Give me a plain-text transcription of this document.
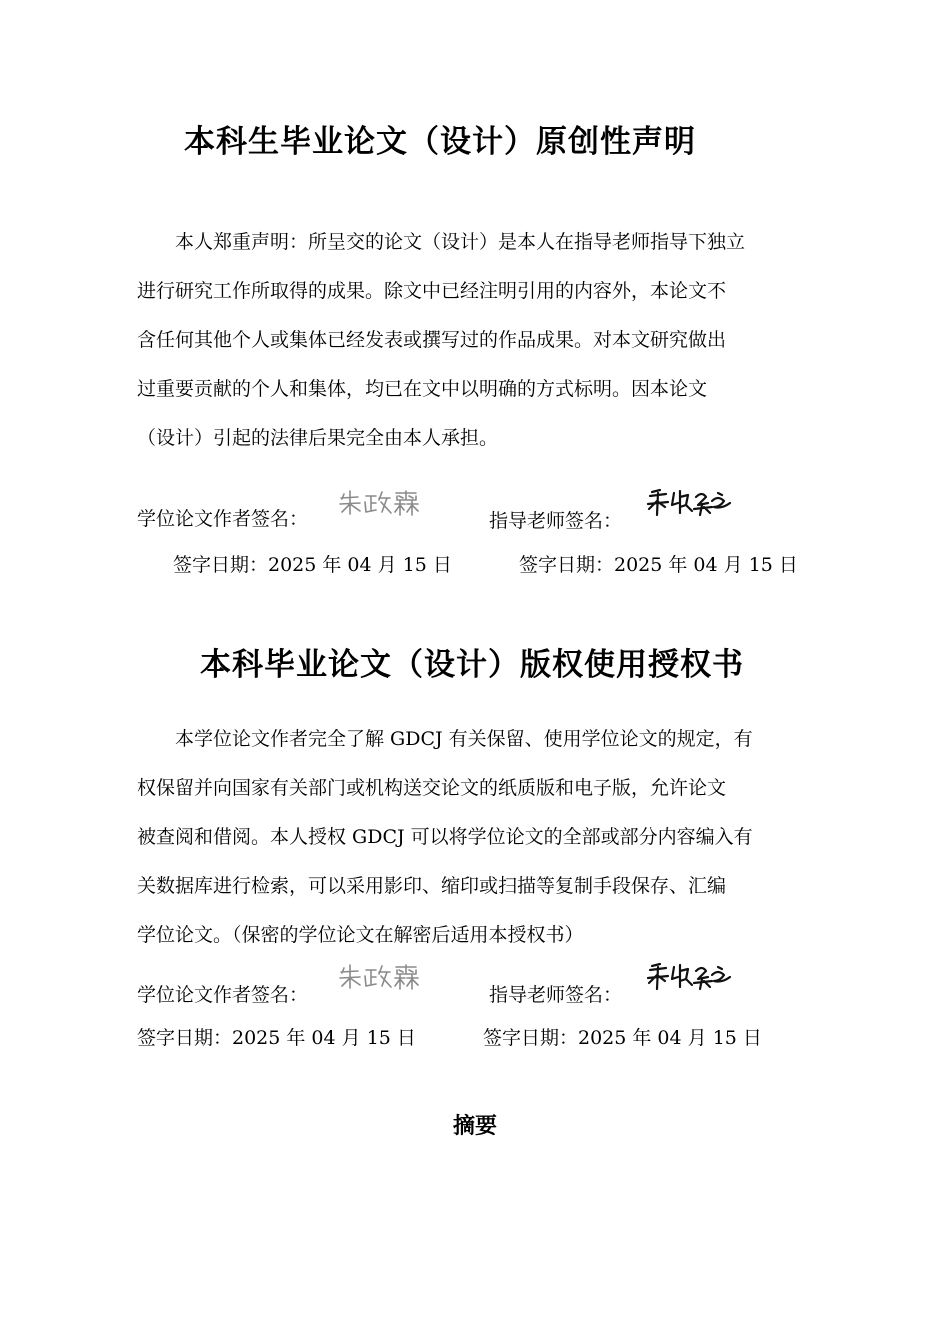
本科生毕业论文（设计）原创性声明
本人郑重声明：所呈交的论文（设计）是本人在指导老师指导下独立
进行研究工作所取得的成果。除文中已经注明引用的内容外，本论文不
含任何其他个人或集体已经发表或撰写过的作品成果。对本文研究做出
过重要贡献的个人和集体，均已在文中以明确的方式标明。因本论文
（设计）引起的法律后果完全由本人承担。
学位论文作者签名：	指导老师签名：
签字日期：2025 年 04 月 15 日	签字日期：2025 年 04 月 15 日
本科毕业论文（设计）版权使用授权书
本学位论文作者完全了解 GDCJ 有关保留、使用学位论文的规定，有
权保留并向国家有关部门或机构送交论文的纸质版和电子版，允许论文
被查阅和借阅。本人授权 GDCJ 可以将学位论文的全部或部分内容编入有
关数据库进行检索，可以采用影印、缩印或扫描等复制手段保存、汇编
学位论文。（保密的学位论文在解密后适用本授权书）
学位论文作者签名：	指导老师签名：
签字日期：2025 年 04 月 15 日	签字日期：2025 年 04 月 15 日
摘要
